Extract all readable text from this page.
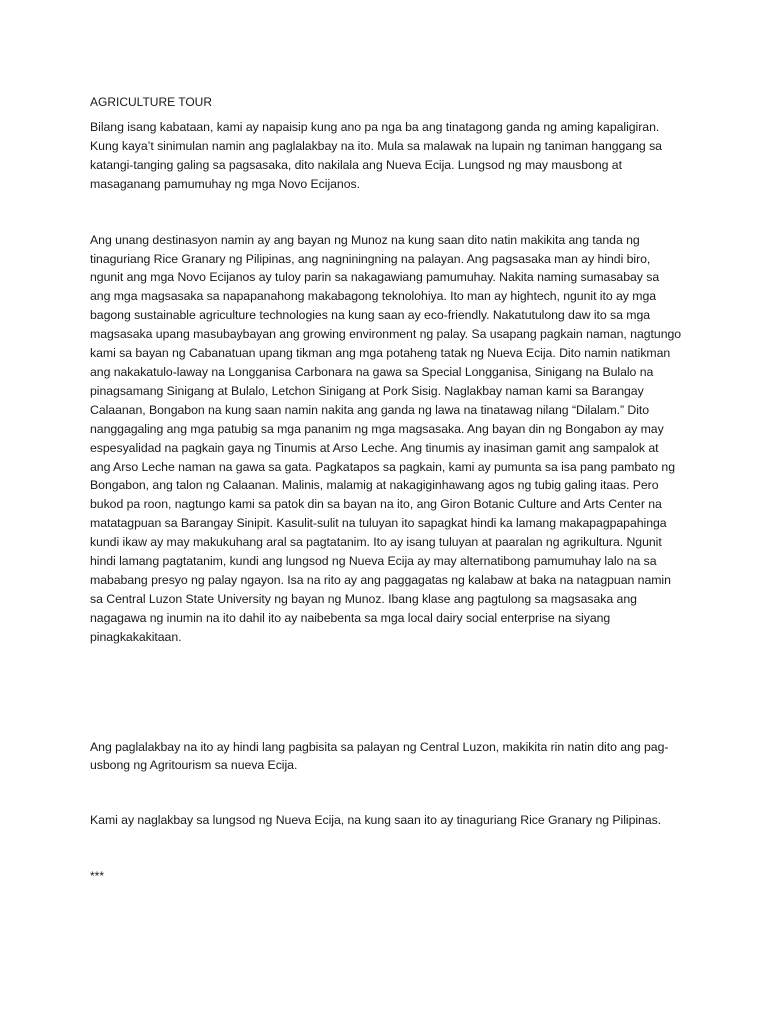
AGRICULTURE TOUR

Bilang isang kabataan, kami ay napaisip kung ano pa nga ba ang tinatagong ganda ng aming kapaligiran. Kung kaya’t sinimulan namin ang paglalakbay na ito. Mula sa malawak na lupain ng taniman hanggang sa katangi-tanging galing sa pagsasaka, dito nakilala ang Nueva Ecija. Lungsod ng may mausbong at masaganang pamumuhay ng mga Novo Ecijanos.

Ang unang destinasyon namin ay ang bayan ng Munoz na kung saan dito natin makikita ang tanda ng tinaguriang Rice Granary ng Pilipinas, ang nagniningning na palayan. Ang pagsasaka man ay hindi biro, ngunit ang mga Novo Ecijanos ay tuloy parin sa nakagawiang pamumuhay. Nakita naming sumasabay sa ang mga magsasaka sa napapanahong makabagong teknolohiya. Ito man ay hightech, ngunit ito ay mga bagong sustainable agriculture technologies na kung saan ay eco-friendly. Nakatutulong daw ito sa mga magsasaka upang masubaybayan ang growing environment ng palay. Sa usapang pagkain naman, nagtungo kami sa bayan ng Cabanatuan upang tikman ang mga potaheng tatak ng Nueva Ecija. Dito namin natikman ang nakakatulo-laway na Longganisa Carbonara na gawa sa Special Longganisa, Sinigang na Bulalo na pinagsamang Sinigang at Bulalo, Letchon Sinigang at Pork Sisig. Naglakbay naman kami sa Barangay Calaanan, Bongabon na kung saan namin nakita ang ganda ng lawa na tinatawag nilang “Dilalam.” Dito nanggagaling ang mga patubig sa mga pananim ng mga magsasaka. Ang bayan din ng Bongabon ay may espesyalidad na pagkain gaya ng Tinumis at Arso Leche. Ang tinumis ay inasiman gamit ang sampalok at ang Arso Leche naman na gawa sa gata. Pagkatapos sa pagkain, kami ay pumunta sa isa pang pambato ng Bongabon, ang talon ng Calaanan. Malinis, malamig at nakagiginhawang agos ng tubig galing itaas. Pero bukod pa roon, nagtungo kami sa patok din sa bayan na ito, ang Giron Botanic Culture and Arts Center na matatagpuan sa Barangay Sinipit. Kasulit-sulit na tuluyan ito sapagkat hindi ka lamang makapagpapahinga kundi ikaw ay may makukuhang aral sa pagtatanim. Ito ay isang tuluyan at paaralan ng agrikultura. Ngunit hindi lamang pagtatanim, kundi ang lungsod ng Nueva Ecija ay may alternatibong pamumuhay lalo na sa mababang presyo ng palay ngayon. Isa na rito ay ang paggagatas ng kalabaw at baka na natagpuan namin sa Central Luzon State University ng bayan ng Munoz. Ibang klase ang pagtulong sa magsasaka ang nagagawa ng inumin na ito dahil ito ay naibebenta sa mga local dairy social enterprise na siyang pinagkakakitaan.

Ang paglalakbay na ito ay hindi lang pagbisita sa palayan ng Central Luzon, makikita rin natin dito ang pag-usbong ng Agritourism sa nueva Ecija.

Kami ay naglakbay sa lungsod ng Nueva Ecija, na kung saan ito ay tinaguriang Rice Granary ng Pilipinas.

***
